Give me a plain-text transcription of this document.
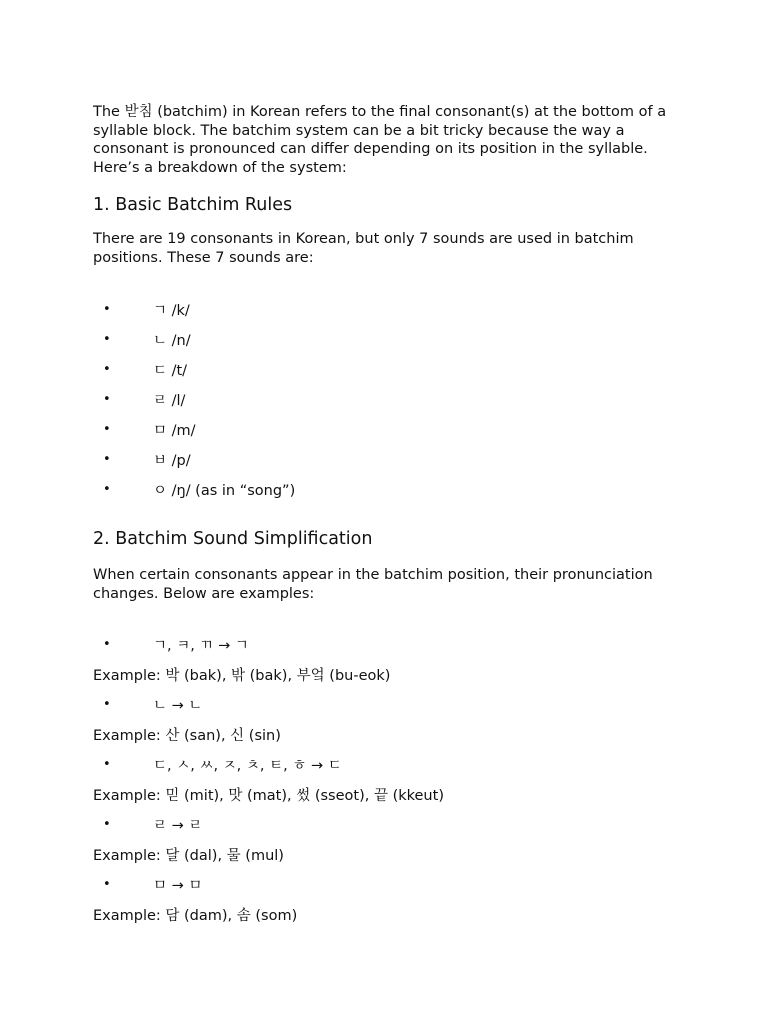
The 받침 (batchim) in Korean refers to the final consonant(s) at the bottom of a syllable block. The batchim system can be a bit tricky because the way a consonant is pronounced can differ depending on its position in the syllable. Here’s a breakdown of the system:

1. Basic Batchim Rules

There are 19 consonants in Korean, but only 7 sounds are used in batchim positions. These 7 sounds are:

•	ㄱ /k/
•	ㄴ /n/
•	ㄷ /t/
•	ㄹ /l/
•	ㅁ /m/
•	ㅂ /p/
•	ㅇ /ŋ/ (as in “song”)
2. Batchim Sound Simplification

When certain consonants appear in the batchim position, their pronunciation changes. Below are examples:

•	ㄱ, ㅋ, ㄲ → ㄱ
Example: 박 (bak), 밖 (bak), 부엌 (bu-eok)
•	ㄴ → ㄴ
Example: 산 (san), 신 (sin)
•	ㄷ, ㅅ, ㅆ, ㅈ, ㅊ, ㅌ, ㅎ → ㄷ
Example: 믿 (mit), 맛 (mat), 썼 (sseot), 끝 (kkeut)
•	ㄹ → ㄹ
Example: 달 (dal), 물 (mul)
•	ㅁ → ㅁ
Example: 담 (dam), 솜 (som)
